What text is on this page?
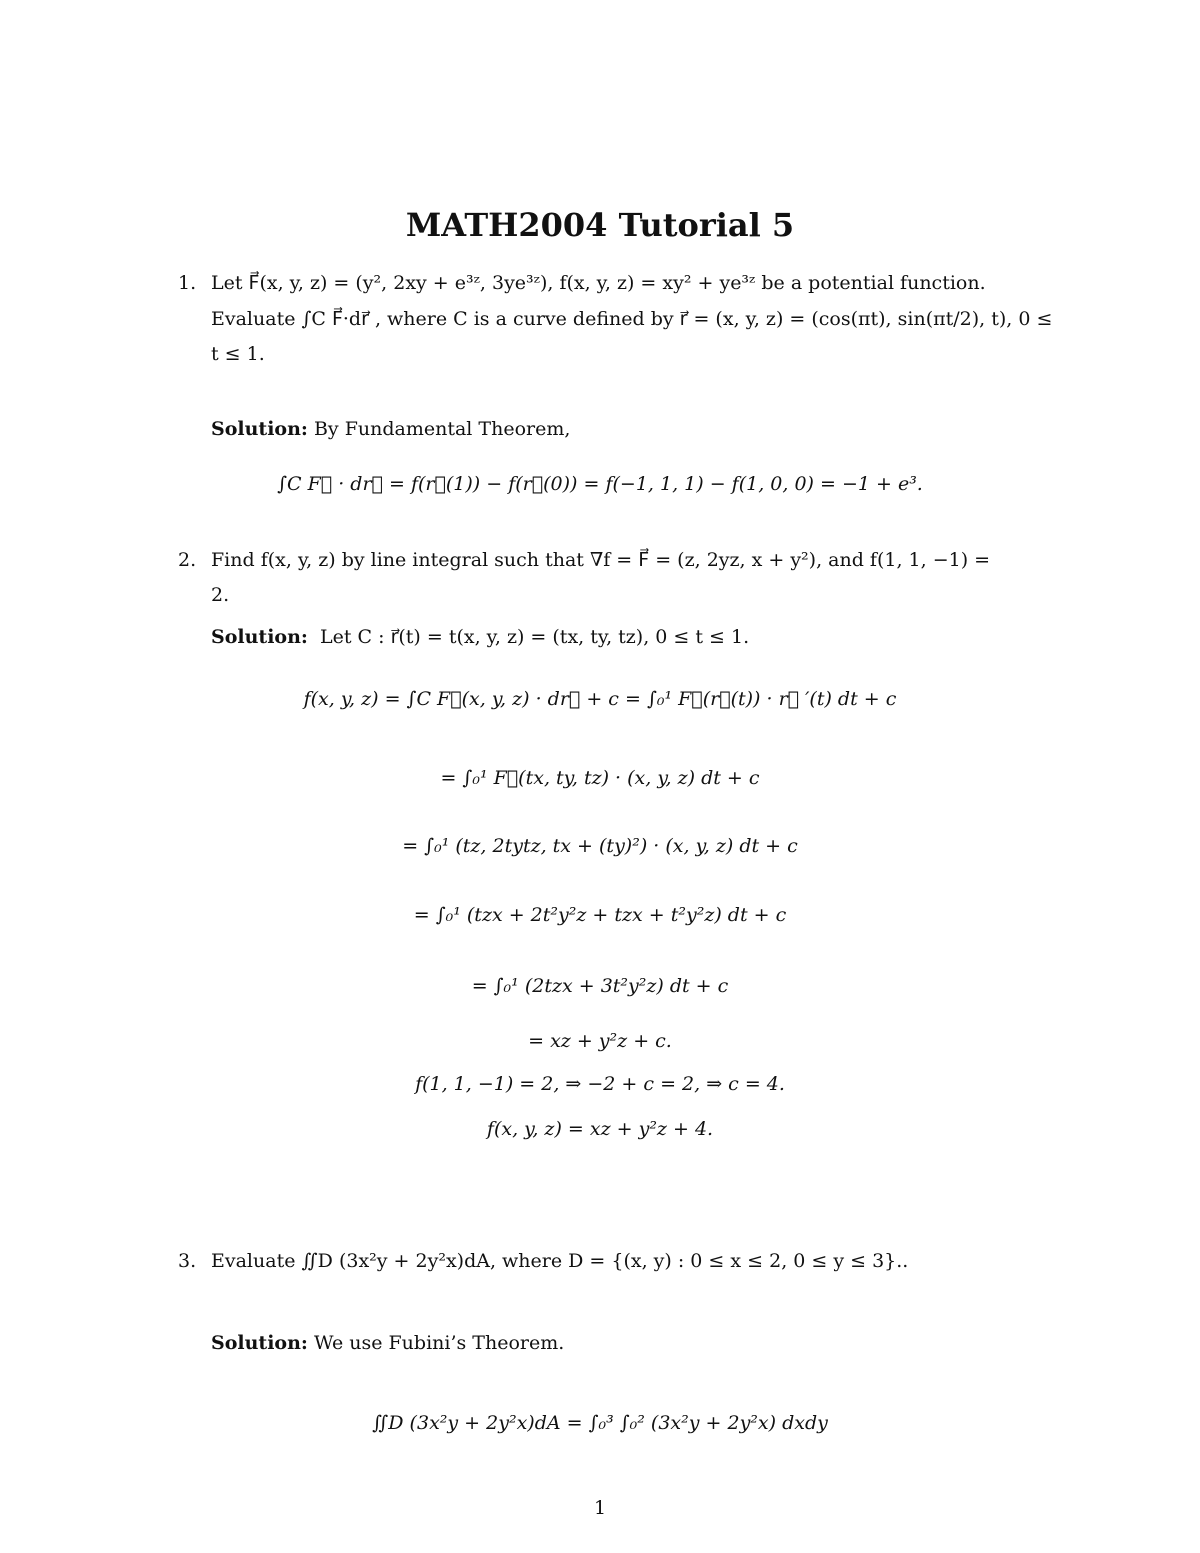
MATH2004 Tutorial 5
1. Let F⃗(x, y, z) = (y², 2xy + e³ᶻ, 3ye³ᶻ), f(x, y, z) = xy² + ye³ᶻ be a potential function.
Evaluate ∫C F⃗·dr⃗ , where C is a curve defined by r⃗ = (x, y, z) = (cos(πt), sin(πt/2), t), 0 ≤
t ≤ 1.
Solution: By Fundamental Theorem,
∫C F⃗ · dr⃗ = f(r⃗(1)) − f(r⃗(0)) = f(−1, 1, 1) − f(1, 0, 0) = −1 + e³.
2. Find f(x, y, z) by line integral such that ∇f = F⃗ = (z, 2yz, x + y²), and f(1, 1, −1) =
2.
Solution: Let C : r⃗(t) = t(x, y, z) = (tx, ty, tz), 0 ≤ t ≤ 1.
f(x, y, z) = ∫C F⃗(x, y, z) · dr⃗ + c = ∫₀¹ F⃗(r⃗(t)) · r⃗ ′(t) dt + c
= ∫₀¹ F⃗(tx, ty, tz) · (x, y, z) dt + c
= ∫₀¹ (tz, 2tytz, tx + (ty)²) · (x, y, z) dt + c
= ∫₀¹ (tzx + 2t²y²z + tzx + t²y²z) dt + c
= ∫₀¹ (2tzx + 3t²y²z) dt + c
= xz + y²z + c.
f(1, 1, −1) = 2, ⇒ −2 + c = 2, ⇒ c = 4.
f(x, y, z) = xz + y²z + 4.
3. Evaluate ∬D (3x²y + 2y²x)dA, where D = {(x, y) : 0 ≤ x ≤ 2, 0 ≤ y ≤ 3}..
Solution: We use Fubini’s Theorem.
∬D (3x²y + 2y²x)dA = ∫₀³ ∫₀² (3x²y + 2y²x) dxdy
1
